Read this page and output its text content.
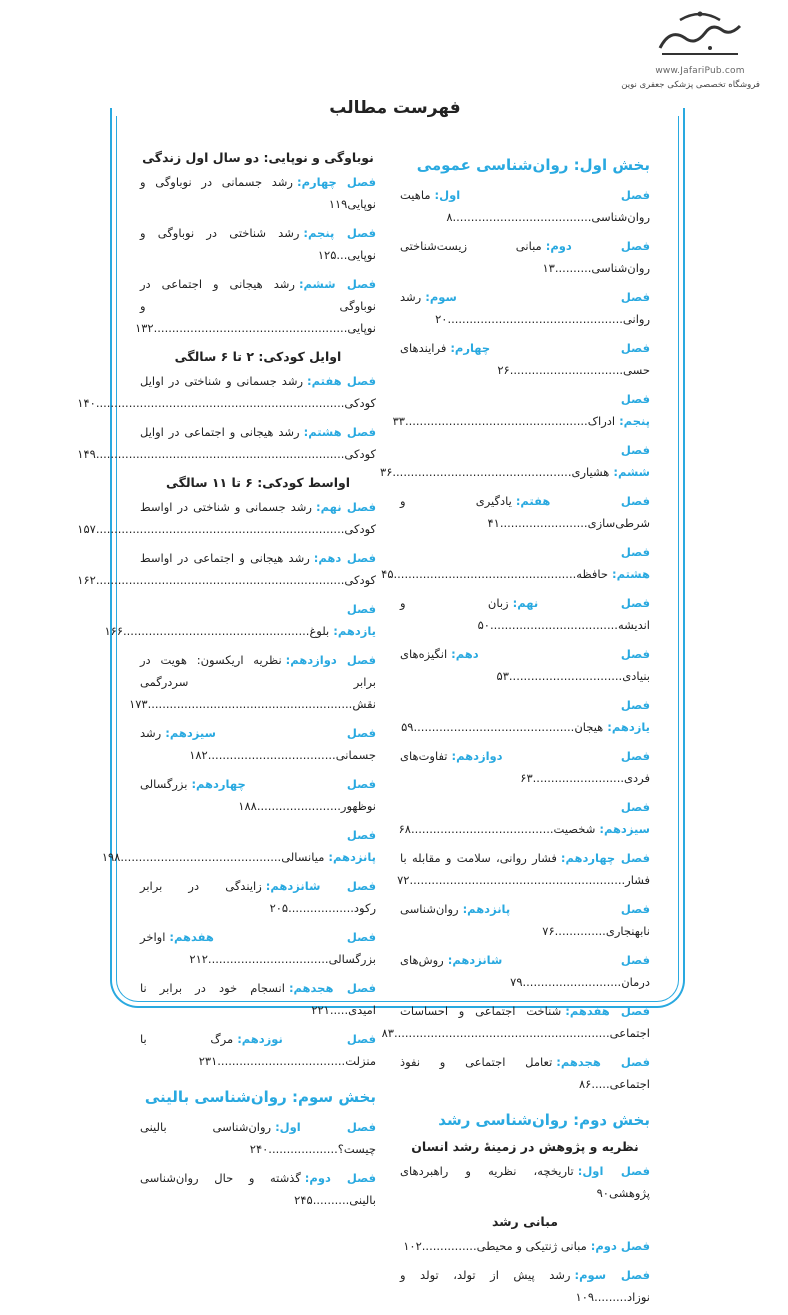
www.JafariPub.com
فروشگاه تخصصی پزشکی جعفری نوین
فهرست مطالب
بخش اول: روان‌شناسی عمومی
فصل اول:ماهیت روان‌شناسی......................................۸
فصل دوم:مبانی زیست‌شناختی روان‌شناسی..........۱۳
فصل سوم:رشد روانی................................................۲۰
فصل چهارم:فرایندهای حسی...............................۲۶
فصل پنجم:ادراک..................................................۳۳
فصل ششم:هشیاری.................................................۳۶
فصل هفتم:یادگیری و شرطی‌سازی........................۴۱
فصل هشتم:حافظه..................................................۴۵
فصل نهم:زبان و اندیشه...................................۵۰
فصل دهم:انگیزه‌های بنیادی...............................۵۳
فصل یازدهم:هیجان............................................۵۹
فصل دوازدهم:تفاوت‌های فردی.........................۶۳
فصل سیزدهم:شخصیت.......................................۶۸
فصل چهاردهم:فشار روانی، سلامت و مقابله با فشار...........................................................۷۲
فصل پانزدهم:روان‌شناسی نابهنجاری..............۷۶
فصل شانزدهم:روش‌های درمان...........................۷۹
فصل هفدهم:شناخت اجتماعی و احساسات اجتماعی...........................................................۸۳
فصل هجدهم:تعامل اجتماعی و نفوذ اجتماعی.....۸۶
بخش دوم: روان‌شناسی رشد
نظریه و پژوهش در زمینهٔ رشد انسان
فصل اول:تاریخچه، نظریه و راهبردهای پژوهشی۹۰
مبانی رشد
فصل دوم:مبانی ژنتیکی و محیطی...............۱۰۲
فصل سوم:رشد پیش از تولد، تولد و نوزاد.........۱۰۹
نوباوگی و نوپایی: دو سال اول زندگی
فصل چهارم:رشد جسمانی در نوباوگی و نوپایی۱۱۹
فصل پنجم:رشد شناختی در نوباوگی و نوپایی...۱۲۵
فصل ششم:رشد هیجانی و اجتماعی در نوباوگی و نوپایی.....................................................۱۳۲
اوایل کودکی: ۲ تا ۶ سالگی
فصل هفتم:رشد جسمانی و شناختی در اوایل کودکی....................................................................۱۴۰
فصل هشتم:رشد هیجانی و اجتماعی در اوایل کودکی....................................................................۱۴۹
اواسط کودکی: ۶ تا ۱۱ سالگی
فصل نهم:رشد جسمانی و شناختی در اواسط کودکی....................................................................۱۵۷
فصل دهم:رشد هیجانی و اجتماعی در اواسط کودکی....................................................................۱۶۲
فصل یازدهم:بلوغ...................................................۱۶۶
فصل دوازدهم:نظریه اریکسون: هویت در برابر سردرگمی نقش........................................................۱۷۳
فصل سیزدهم:رشد جسمانی...................................۱۸۲
فصل چهاردهم:بزرگسالی نوظهور.......................۱۸۸
فصل پانزدهم:میانسالی............................................۱۹۸
فصل شانزدهم:زایندگی در برابر رکود..................۲۰۵
فصل هفدهم:اواخر بزرگسالی.................................۲۱۲
فصل هجدهم:انسجام خود در برابر نا امیدی.....۲۲۱
فصل نوزدهم:مرگ با منزلت...................................۲۳۱
بخش سوم: روان‌شناسی بالینی
فصل اول:روان‌شناسی بالینی چیست؟...................۲۴۰
فصل دوم:گذشته و حال روان‌شناسی بالینی..........۲۴۵
